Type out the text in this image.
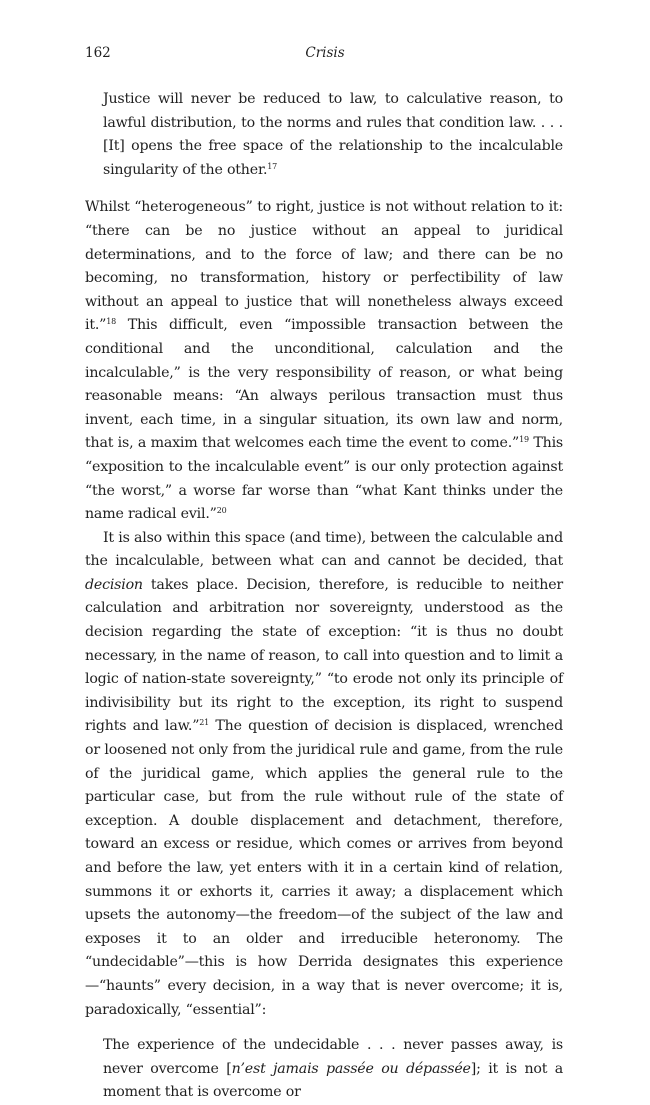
162	Crisis

Justice will never be reduced to law, to calculative reason, to lawful distribution, to the norms and rules that condition law. . . . [It] opens the free space of the relationship to the incalculable singularity of the other.$^{17}$

Whilst “heterogeneous” to right, justice is not without relation to it: “there can be no justice without an appeal to juridical determinations, and to the force of law; and there can be no becoming, no transformation, history or perfectibility of law without an appeal to justice that will nonetheless always exceed it.”$^{18}$ This difficult, even “impossible transaction between the conditional and the unconditional, calculation and the incalculable,” is the very responsibility of reason, or what being reasonable means: “An always perilous transaction must thus invent, each time, in a singular situation, its own law and norm, that is, a maxim that welcomes each time the event to come.”$^{19}$ This “exposition to the incalculable event” is our only protection against “the worst,” a worse far worse than “what Kant thinks under the name radical evil.”$^{20}$

It is also within this space (and time), between the calculable and the incalculable, between what can and cannot be decided, that decision takes place. Decision, therefore, is reducible to neither calculation and arbitration nor sovereignty, understood as the decision regarding the state of exception: “it is thus no doubt necessary, in the name of reason, to call into question and to limit a logic of nation-state sovereignty,” “to erode not only its principle of indivisibility but its right to the exception, its right to suspend rights and law.”$^{21}$ The question of decision is displaced, wrenched or loosened not only from the juridical rule and game, from the rule of the juridical game, which applies the general rule to the particular case, but from the rule without rule of the state of exception. A double displacement and detachment, therefore, toward an excess or residue, which comes or arrives from beyond and before the law, yet enters with it in a certain kind of relation, summons it or exhorts it, carries it away; a displacement which upsets the autonomy—the freedom—of the subject of the law and exposes it to an older and irreducible heteronomy. The “undecidable”—this is how Derrida designates this experience—“haunts” every decision, in a way that is never overcome; it is, paradoxically, “essential”:

The experience of the undecidable . . . never passes away, is never overcome [n’est jamais passée ou dépassée]; it is not a moment that is overcome or
